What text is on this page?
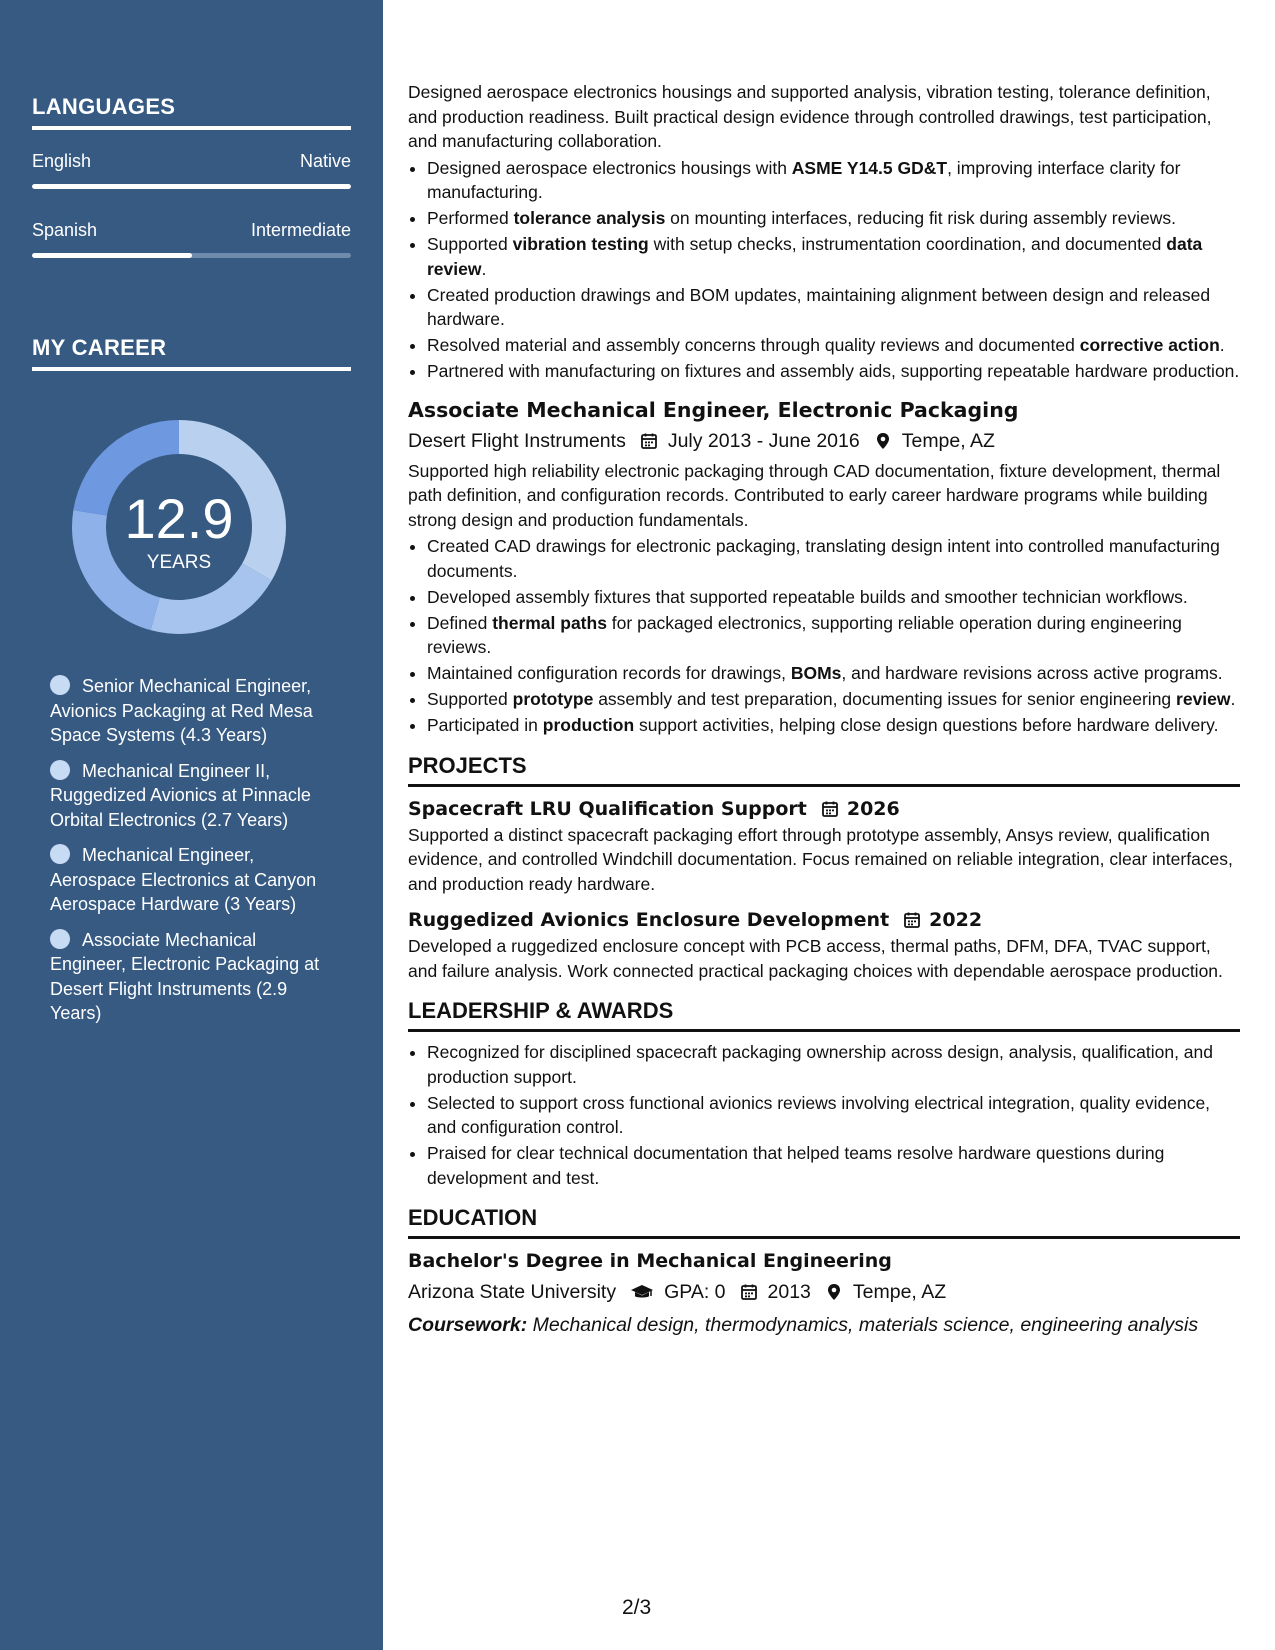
LANGUAGES
English	Native
Spanish	Intermediate
MY CAREER
12.9
YEARS
Senior Mechanical Engineer, Avionics Packaging at Red Mesa Space Systems (4.3 Years)
Mechanical Engineer II, Ruggedized Avionics at Pinnacle Orbital Electronics (2.7 Years)
Mechanical Engineer, Aerospace Electronics at Canyon Aerospace Hardware (3 Years)
Associate Mechanical Engineer, Electronic Packaging at Desert Flight Instruments (2.9 Years)

Designed aerospace electronics housings and supported analysis, vibration testing, tolerance definition, and production readiness. Built practical design evidence through controlled drawings, test participation, and manufacturing collaboration.

• Designed aerospace electronics housings with ASME Y14.5 GD&T, improving interface clarity for manufacturing.
• Performed tolerance analysis on mounting interfaces, reducing fit risk during assembly reviews.
• Supported vibration testing with setup checks, instrumentation coordination, and documented data review.
• Created production drawings and BOM updates, maintaining alignment between design and released hardware.
• Resolved material and assembly concerns through quality reviews and documented corrective action.
• Partnered with manufacturing on fixtures and assembly aids, supporting repeatable hardware production.
Associate Mechanical Engineer, Electronic Packaging
Desert Flight Instruments July 2013 - June 2016 Tempe, AZ

Supported high reliability electronic packaging through CAD documentation, fixture development, thermal path definition, and configuration records. Contributed to early career hardware programs while building strong design and production fundamentals.

• Created CAD drawings for electronic packaging, translating design intent into controlled manufacturing documents.
• Developed assembly fixtures that supported repeatable builds and smoother technician workflows.
• Defined thermal paths for packaged electronics, supporting reliable operation during engineering reviews.
• Maintained configuration records for drawings, BOMs, and hardware revisions across active programs.
• Supported prototype assembly and test preparation, documenting issues for senior engineering review.
• Participated in production support activities, helping close design questions before hardware delivery.
PROJECTS
Spacecraft LRU Qualification Support 2026

Supported a distinct spacecraft packaging effort through prototype assembly, Ansys review, qualification evidence, and controlled Windchill documentation. Focus remained on reliable integration, clear interfaces, and production ready hardware.

Ruggedized Avionics Enclosure Development 2022

Developed a ruggedized enclosure concept with PCB access, thermal paths, DFM, DFA, TVAC support, and failure analysis. Work connected practical packaging choices with dependable aerospace production.

LEADERSHIP & AWARDS
• Recognized for disciplined spacecraft packaging ownership across design, analysis, qualification, and production support.
• Selected to support cross functional avionics reviews involving electrical integration, quality evidence, and configuration control.
• Praised for clear technical documentation that helped teams resolve hardware questions during development and test.
EDUCATION
Bachelor's Degree in Mechanical Engineering
Arizona State University GPA: 0 2013 Tempe, AZ
Coursework: Mechanical design, thermodynamics, materials science, engineering analysis
2/3
